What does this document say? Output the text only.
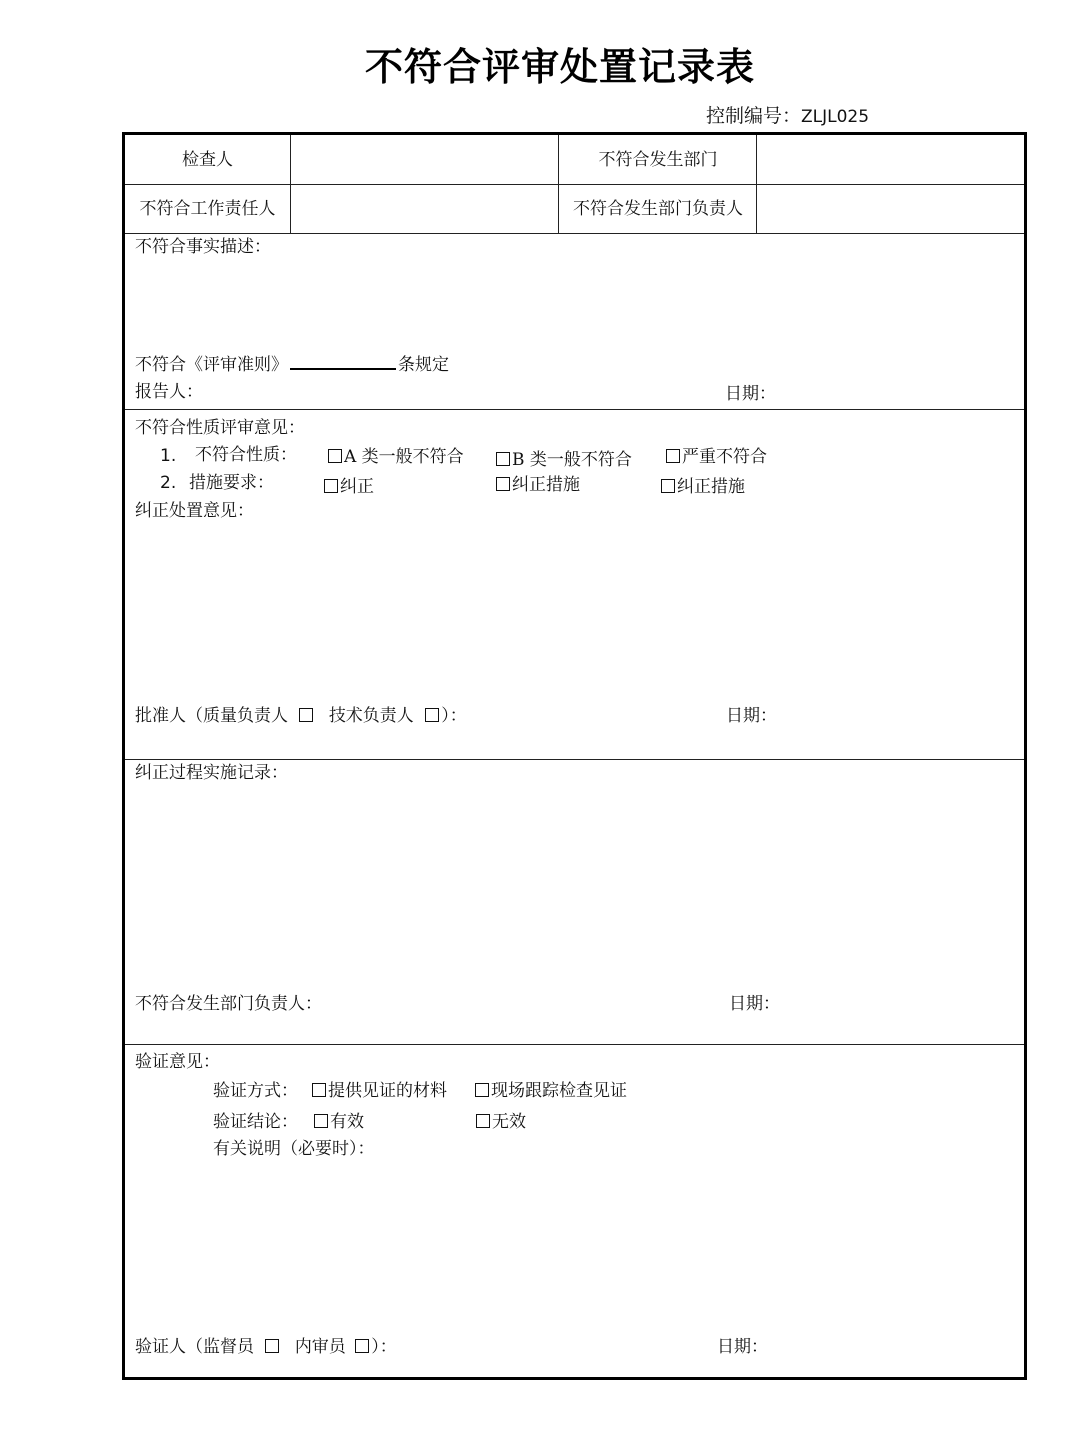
不符合评审处置记录表
控制编号：ZLJL025
检查人	不符合发生部门
不符合工作责任人	不符合发生部门负责人
不符合事实描述：
不符合《评审准则》	条规定
报告人：	日期：
不符合性质评审意见：
1. 不符合性质：	A 类一般不符合	B 类一般不符合	严重不符合
2. 措施要求：	纠正	纠正措施	纠正措施
纠正处置意见：
批准人（质量负责人 技术负责人 ）：	日期：
纠正过程实施记录：
不符合发生部门负责人：	日期：
验证意见：
验证方式：	提供见证的材料	现场跟踪检查见证
验证结论：	有效	无效
有关说明（必要时）：
验证人（监督员 内审员 ）：	日期：
